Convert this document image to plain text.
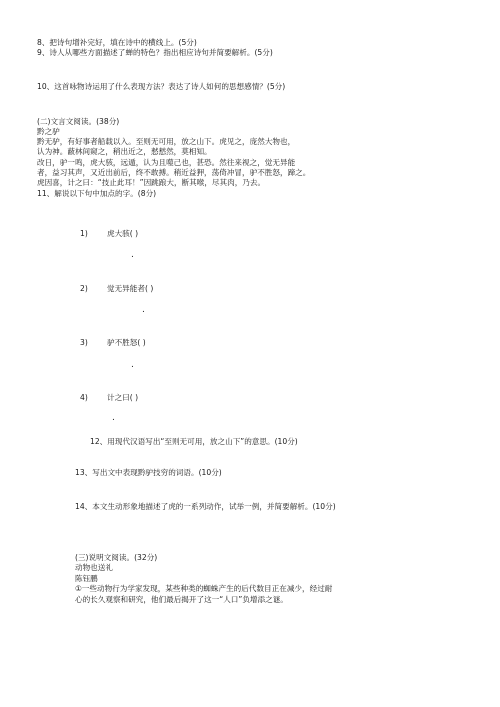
8、把诗句增补完好，填在诗中的横线上。(5分)
9、诗人从哪些方面描述了蝉的特色？指出相应诗句并简要解析。(5分)
10、这首咏物诗运用了什么表现方法？表达了诗人如何的思想感情？(5分)
(二)文言文阅读。(38分)
黔之驴
黔无驴，有好事者船载以入。至则无可用，放之山下。虎见之，庞然大物也，
认为神。蔽林间窥之，稍出近之，慭慭然，莫相知。
改日，驴一鸣，虎大骇，远遁，认为且噬己也，甚恐。然往来视之，觉无异能
者，益习其声，又近出前后，终不敢搏。稍近益狎，荡倚冲冒，驴不胜怒，蹄之。
虎因喜，计之曰：“技止此耳！”因跳踉大，断其喉，尽其肉，乃去。
11、解说以下句中加点的字。(8分)
1)	虎大骇( )
.
2)	觉无异能者( )
.
3)	驴不胜怒( )
.
4)	计之曰( )
.
12、用现代汉语写出“至则无可用，放之山下”的意思。(10分)
13、写出文中表现黔驴技穷的词语。(10分)
14、本文生动形象地描述了虎的一系列动作，试举一例，并简要解析。(10分)
(三)说明文阅读。(32分)
动物也送礼
陈钰鹏
①一些动物行为学家发现，某些种类的蜘蛛产生的后代数目正在减少，经过耐
心的长久观察和研究，他们最后揭开了这一“人口”负增添之谜。
